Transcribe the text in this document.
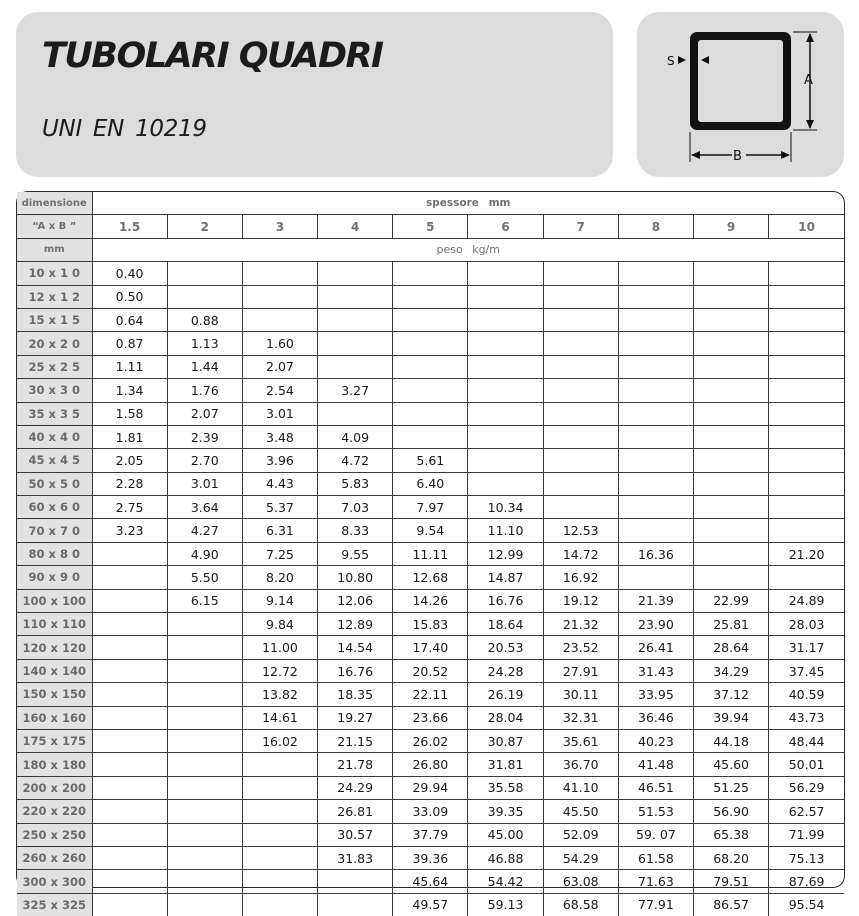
TUBOLARI QUADRI

UNI EN 10219

S
A
B
dimensione	spessore mm									
“A x B ”	1.5	2	3	4	5	6	7	8	9	10
mm	peso kg/m									
10 x 1 0	0.40									
12 x 1 2	0.50									
15 x 1 5	0.64	0.88								
20 x 2 0	0.87	1.13	1.60							
25 x 2 5	1.11	1.44	2.07							
30 x 3 0	1.34	1.76	2.54	3.27						
35 x 3 5	1.58	2.07	3.01							
40 x 4 0	1.81	2.39	3.48	4.09						
45 x 4 5	2.05	2.70	3.96	4.72	5.61					
50 x 5 0	2.28	3.01	4.43	5.83	6.40					
60 x 6 0	2.75	3.64	5.37	7.03	7.97	10.34				
70 x 7 0	3.23	4.27	6.31	8.33	9.54	11.10	12.53			
80 x 8 0		4.90	7.25	9.55	11.11	12.99	14.72	16.36		21.20
90 x 9 0		5.50	8.20	10.80	12.68	14.87	16.92			
100 x 100		6.15	9.14	12.06	14.26	16.76	19.12	21.39	22.99	24.89
110 x 110			9.84	12.89	15.83	18.64	21.32	23.90	25.81	28.03
120 x 120			11.00	14.54	17.40	20.53	23.52	26.41	28.64	31.17
140 x 140			12.72	16.76	20.52	24.28	27.91	31.43	34.29	37.45
150 x 150			13.82	18.35	22.11	26.19	30.11	33.95	37.12	40.59
160 x 160			14.61	19.27	23.66	28.04	32.31	36.46	39.94	43.73
175 x 175			16.02	21.15	26.02	30.87	35.61	40.23	44.18	48.44
180 x 180				21.78	26.80	31.81	36.70	41.48	45.60	50.01
200 x 200				24.29	29.94	35.58	41.10	46.51	51.25	56.29
220 x 220				26.81	33.09	39.35	45.50	51.53	56.90	62.57
250 x 250				30.57	37.79	45.00	52.09	59. 07	65.38	71.99
260 x 260				31.83	39.36	46.88	54.29	61.58	68.20	75.13
300 x 300					45.64	54.42	63.08	71.63	79.51	87.69
325 x 325					49.57	59.13	68.58	77.91	86.57	95.54
